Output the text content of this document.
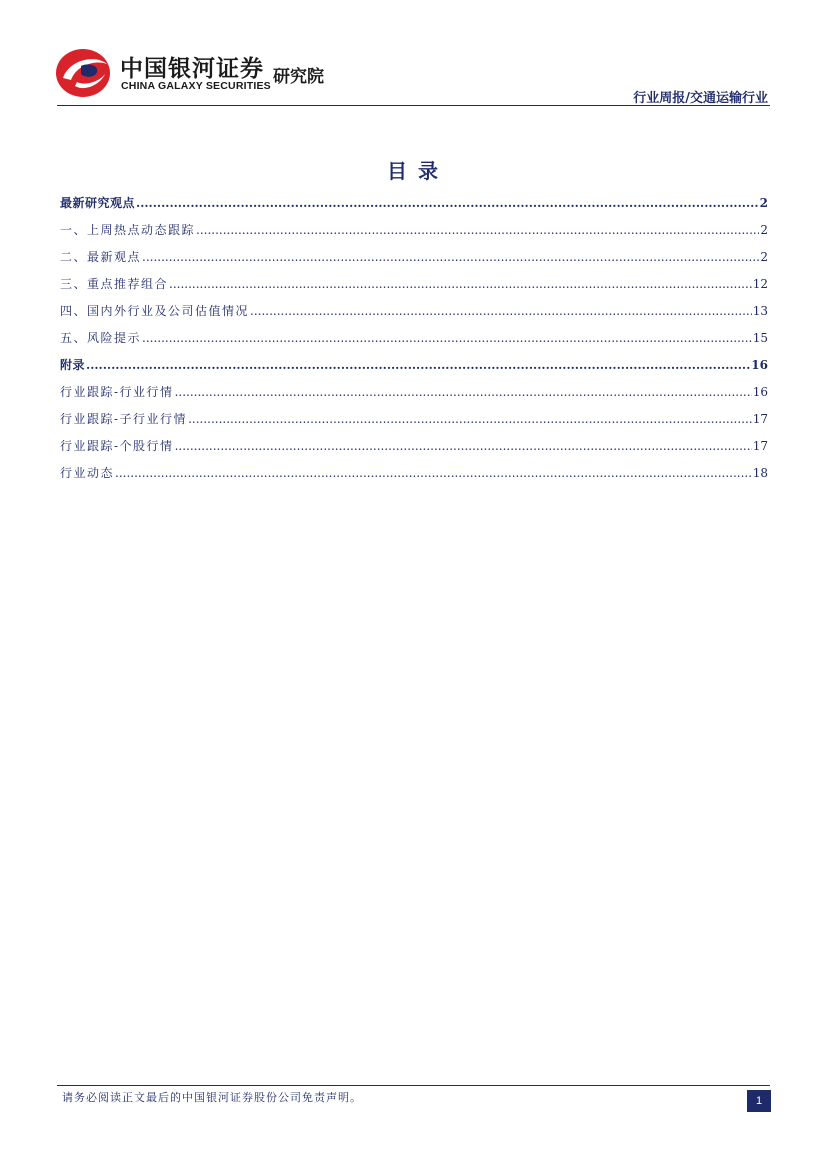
中国银河证券
CHINA GALAXY SECURITIES 研究院
行业周报/交通运输行业
目 录
最新研究观点 .....	2
一、上周热点动态跟踪 .....	2
二、最新观点 .....	2
三、重点推荐组合 .....	12
四、国内外行业及公司估值情况 .....	13
五、风险提示 .....	15
附录 .....	16
行业跟踪-行业行情 .....	16
行业跟踪-子行业行情 .....	17
行业跟踪-个股行情 .....	17
行业动态 .....	18
请务必阅读正文最后的中国银河证券股份公司免责声明。	1
